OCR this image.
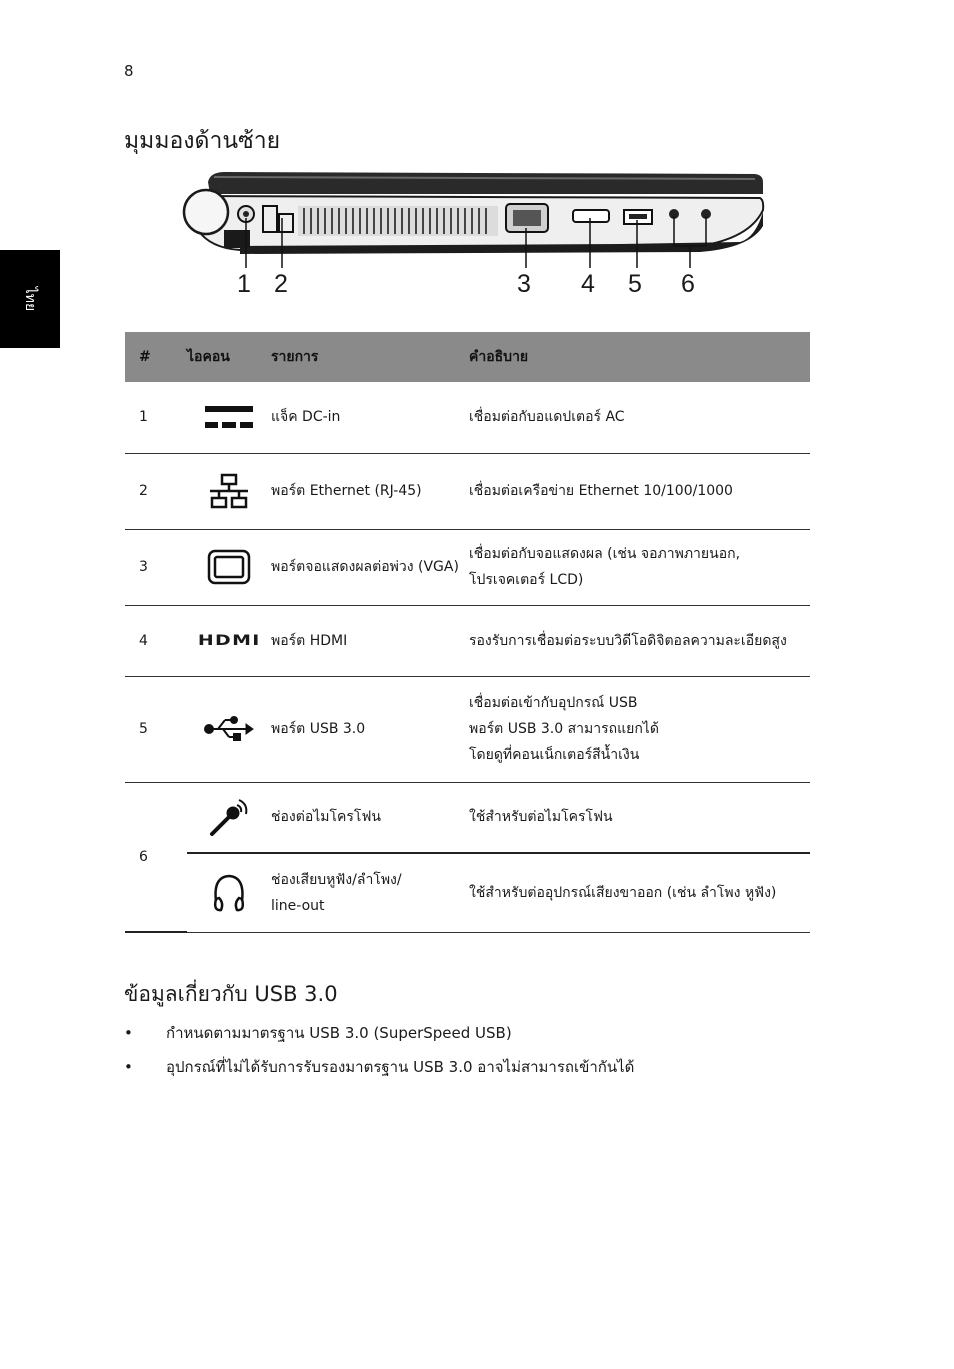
8
ไทย
มุมมองด้านซ้าย
1 2	3 4 5 6
#	ไอคอน	รายการ	คำอธิบาย
1		แจ็ค DC-in	เชื่อมต่อกับอแดปเตอร์ AC
2		พอร์ต Ethernet (RJ-45)	เชื่อมต่อเครือข่าย Ethernet 10/100/1000
3		พอร์ตจอแสดงผลต่อพ่วง (VGA)	เชื่อมต่อกับจอแสดงผล (เช่น จอภาพภายนอก, โปรเจคเตอร์ LCD)
4	HDMI	พอร์ต HDMI	รองรับการเชื่อมต่อระบบวิดีโอดิจิตอลความละเอียดสูง
5		พอร์ต USB 3.0	เชื่อมต่อเข้ากับอุปกรณ์ USB
พอร์ต USB 3.0 สามารถแยกได้
โดยดูที่คอนเน็กเตอร์สีน้ำเงิน

6		ช่องต่อไมโครโฟน	ใช้สำหรับต่อไมโครโฟน

ช่องเสียบหูฟัง/ลำโพง/
line-out	ใช้สำหรับต่ออุปกรณ์เสียงขาออก (เช่น ลำโพง หูฟัง)
ข้อมูลเกี่ยวกับ USB 3.0
• กำหนดตามมาตรฐาน USB 3.0 (SuperSpeed USB)
• อุปกรณ์ที่ไม่ได้รับการรับรองมาตรฐาน USB 3.0 อาจไม่สามารถเข้ากันได้
